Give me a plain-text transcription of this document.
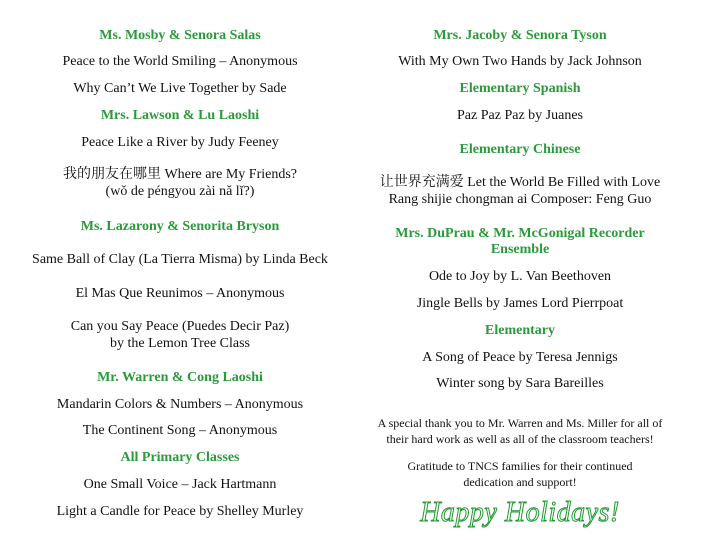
Ms. Mosby & Senora Salas
Peace to the World Smiling – Anonymous
Why Can’t We Live Together by Sade
Mrs. Lawson & Lu Laoshi
Peace Like a River by Judy Feeney
我的朋友在哪里 Where are My Friends?
(wǒ de péngyou zài nǎ lǐ?)
Ms. Lazarony & Senorita Bryson
Same Ball of Clay (La Tierra Misma) by Linda Beck
El Mas Que Reunimos – Anonymous
Can you Say Peace (Puedes Decir Paz)
by the Lemon Tree Class
Mr. Warren & Cong Laoshi
Mandarin Colors & Numbers – Anonymous
The Continent Song – Anonymous
All Primary Classes
One Small Voice – Jack Hartmann
Light a Candle for Peace by Shelley Murley
Mrs. Jacoby & Senora Tyson
With My Own Two Hands by Jack Johnson
Elementary Spanish
Paz Paz Paz by Juanes
Elementary Chinese
让世界充满爱 Let the World Be Filled with Love
Rang shijie chongman ai Composer: Feng Guo
Mrs. DuPrau & Mr. McGonigal Recorder
Ensemble
Ode to Joy by L. Van Beethoven
Jingle Bells by James Lord Pierrpoat
Elementary
A Song of Peace by Teresa Jennigs
Winter song by Sara Bareilles
A special thank you to Mr. Warren and Ms. Miller for all of
their hard work as well as all of the classroom teachers!
Gratitude to TNCS families for their continued
dedication and support!
Happy Holidays!
